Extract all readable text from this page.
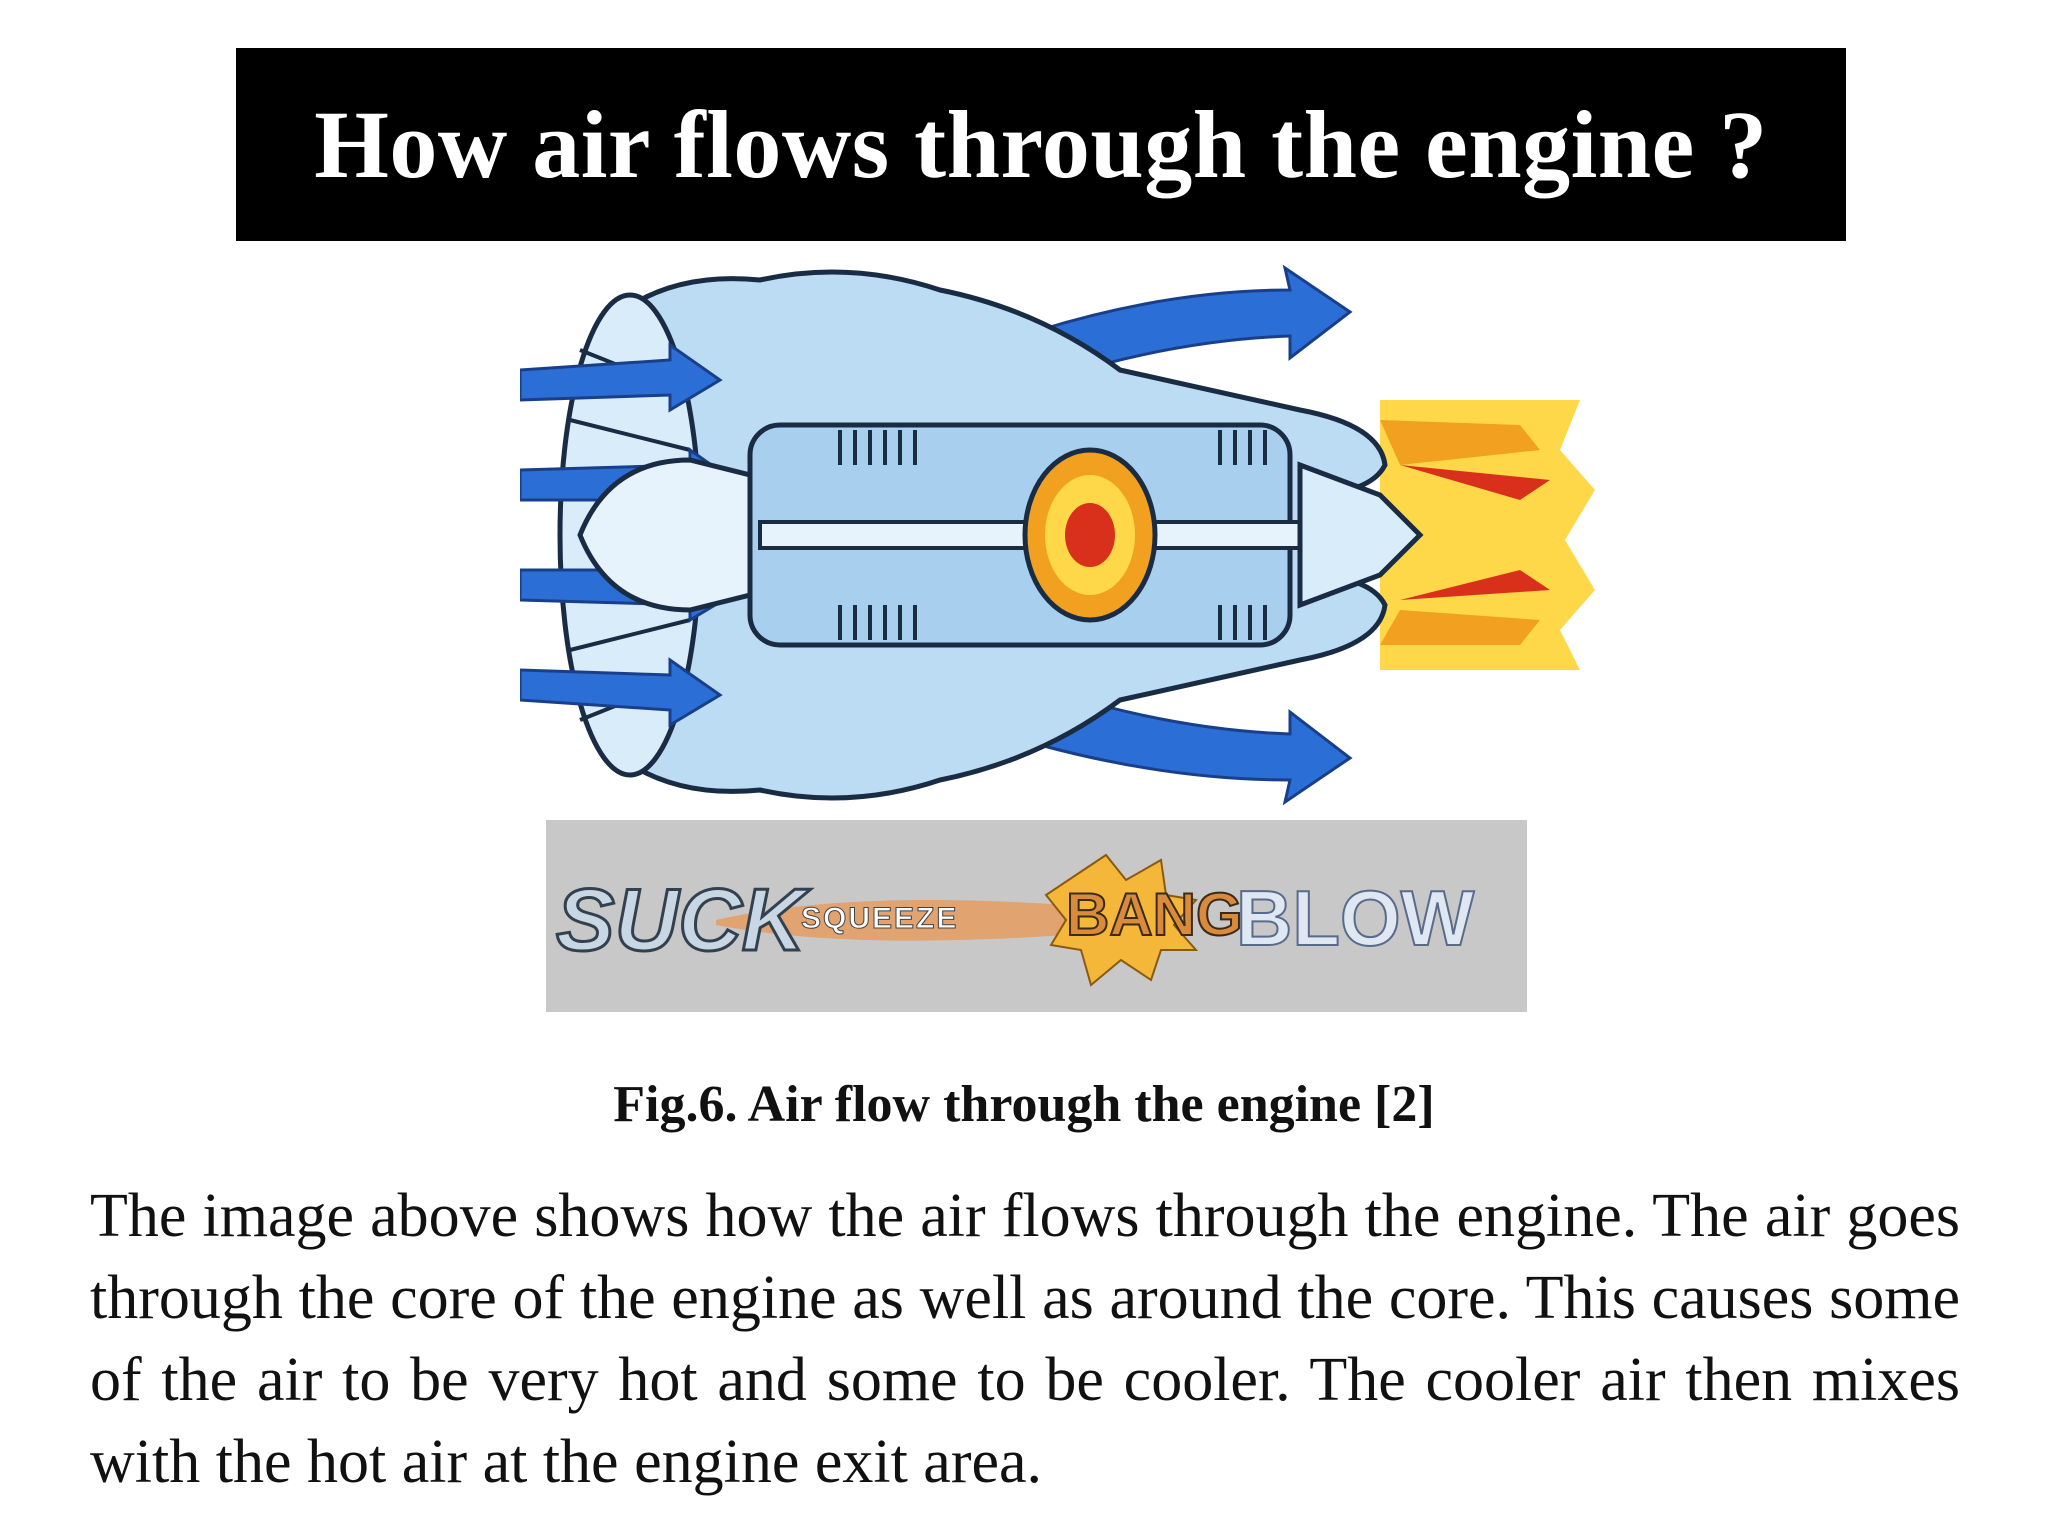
How air flows through the engine ?
SUCK
SQUEEZE BANG
BLOW
Fig.6. Air flow through the engine [2]
The image above shows how the air flows through the engine. The air goes through the core of the engine as well as around the core. This causes some of the air to be very hot and some to be cooler. The cooler air then mixes with the hot air at the engine exit area.
